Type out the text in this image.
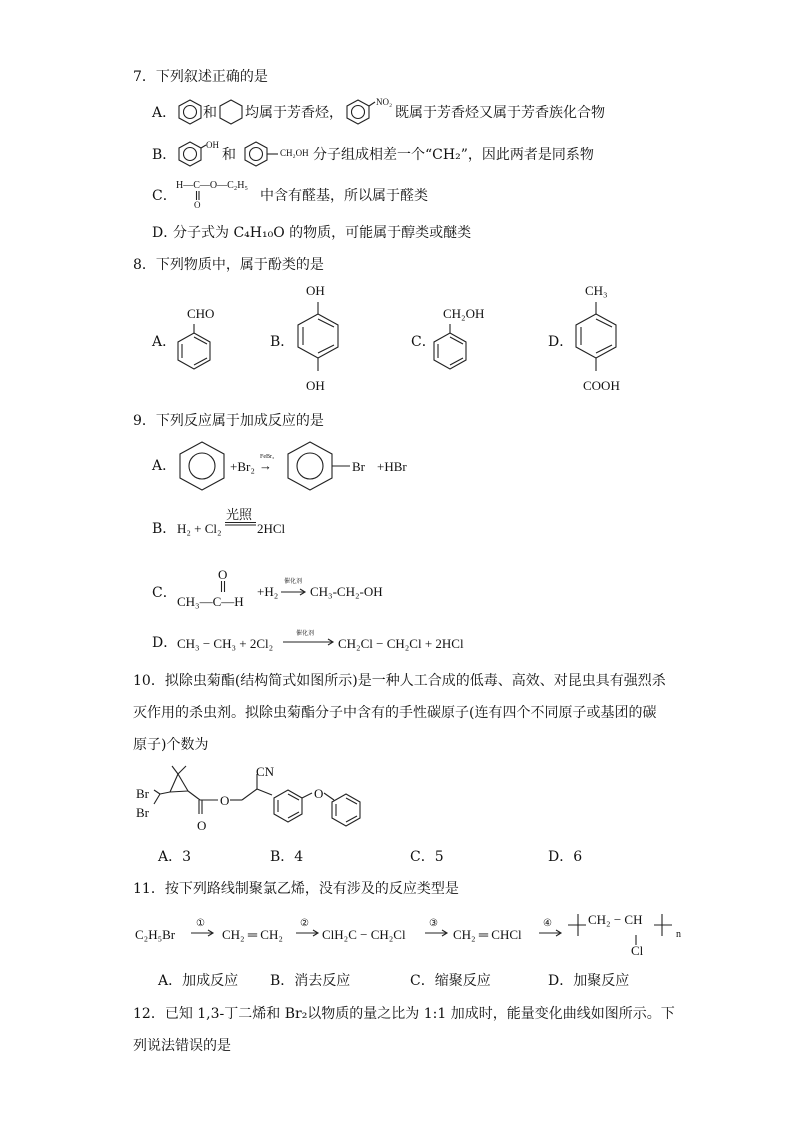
7．下列叙述正确的是
A． 和 均属于芳香烃，
NO₂
既属于芳香烃又属于芳香族化合物
B．
OH
和	CH₂OH 分子组成相差一个“CH₂”，因此两者是同系物
C．
H—C—O—C₂H₅
O
中含有醛基，所以属于醛类
D．
分子式为 C₄H₁₀O 的物质，可能属于醇类或醚类
8．下列物质中，属于酚类的是
A．
CHO
B．
OH
OH
C．
CH₂OH
D．
CH₃
COOH
9．下列反应属于加成反应的是
A．	+Br₂
FeBr₃
→	Br +HBr
B． H₂ + Cl₂
光照
2HCl
C．
O
CH₃—C—H
+H₂
催化剂
CH₃-CH₂-OH
D． CH₃ − CH₃ + 2Cl₂
催化剂
CH₂Cl − CH₂Cl + 2HCl
10．拟除虫菊酯(结构简式如图所示)是一种人工合成的低毒、高效、对昆虫具有强烈杀
灭作用的杀虫剂。拟除虫菊酯分子中含有的手性碳原子(连有四个不同原子或基团的碳
原子)个数为
Br
Br
O
O
CN
O
A．3	B．4	C．5	D．6
11．按下列路线制聚氯乙烯，没有涉及的反应类型是
C₂H₅Br
①
CH₂ ═ CH₂
②
ClH₂C − CH₂Cl
③
CH₂ ═ CHCl
④	CH₂ − CH
Cl
n
A．加成反应 B．消去反应	C．缩聚反应	D．加聚反应
12．已知 1,3-丁二烯和 Br₂以物质的量之比为 1:1 加成时，能量变化曲线如图所示。下
列说法错误的是
